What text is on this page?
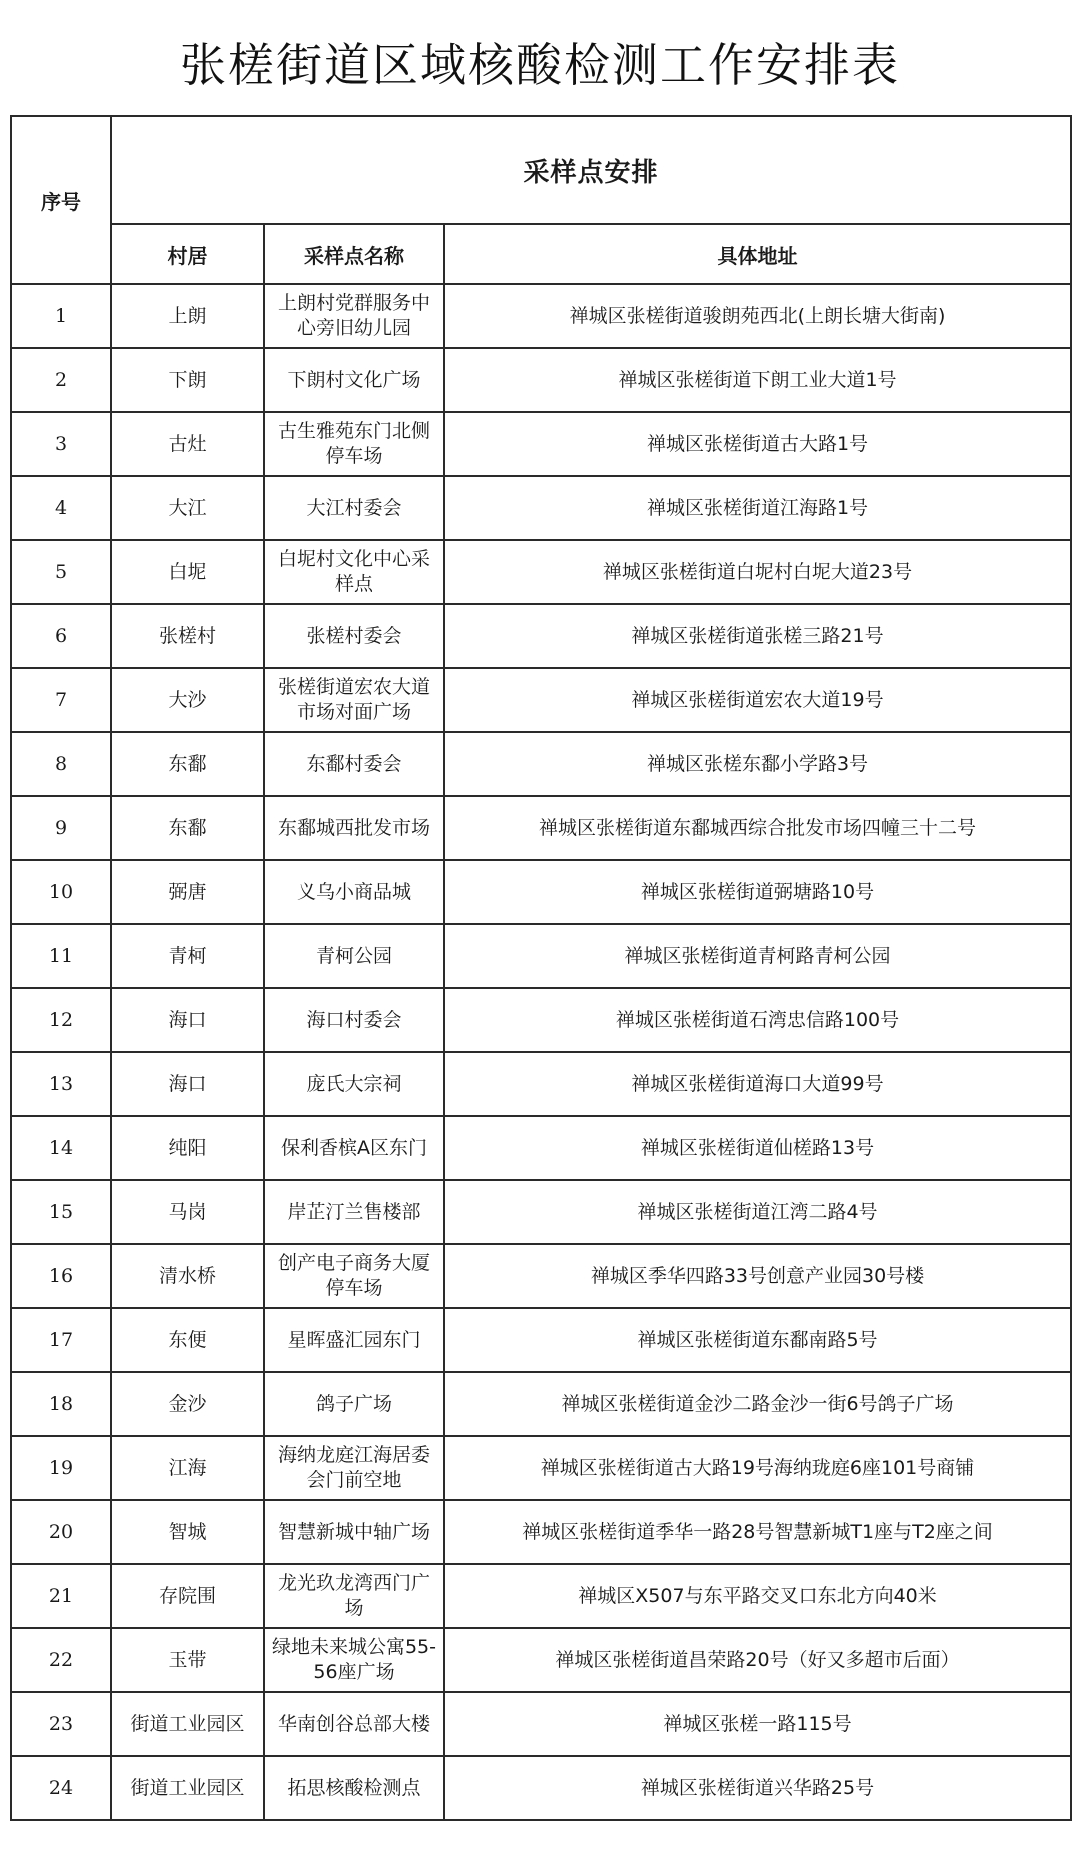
张槎街道区域核酸检测工作安排表
序号	采样点安排		
	村居	采样点名称	具体地址
1	上朗	上朗村党群服务中心旁旧幼儿园	禅城区张槎街道骏朗苑西北(上朗长塘大街南)
2	下朗	下朗村文化广场	禅城区张槎街道下朗工业大道1号
3	古灶	古生雅苑东门北侧停车场	禅城区张槎街道古大路1号
4	大江	大江村委会	禅城区张槎街道江海路1号
5	白坭	白坭村文化中心采样点	禅城区张槎街道白坭村白坭大道23号
6	张槎村	张槎村委会	禅城区张槎街道张槎三路21号
7	大沙	张槎街道宏农大道市场对面广场	禅城区张槎街道宏农大道19号
8	东鄱	东鄱村委会	禅城区张槎东鄱小学路3号
9	东鄱	东鄱城西批发市场	禅城区张槎街道东鄱城西综合批发市场四幢三十二号
10	弼唐	义乌小商品城	禅城区张槎街道弼塘路10号
11	青柯	青柯公园	禅城区张槎街道青柯路青柯公园
12	海口	海口村委会	禅城区张槎街道石湾忠信路100号
13	海口	庞氏大宗祠	禅城区张槎街道海口大道99号
14	纯阳	保利香槟A区东门	禅城区张槎街道仙槎路13号
15	马岗	岸芷汀兰售楼部	禅城区张槎街道江湾二路4号
16	清水桥	创产电子商务大厦停车场	禅城区季华四路33号创意产业园30号楼
17	东便	星晖盛汇园东门	禅城区张槎街道东鄱南路5号
18	金沙	鸽子广场	禅城区张槎街道金沙二路金沙一街6号鸽子广场
19	江海	海纳龙庭江海居委会门前空地	禅城区张槎街道古大路19号海纳珑庭6座101号商铺
20	智城	智慧新城中轴广场	禅城区张槎街道季华一路28号智慧新城T1座与T2座之间
21	存院围	龙光玖龙湾西门广场	禅城区X507与东平路交叉口东北方向40米
22	玉带	绿地未来城公寓55-56座广场	禅城区张槎街道昌荣路20号（好又多超市后面）
23	街道工业园区	华南创谷总部大楼	禅城区张槎一路115号
24	街道工业园区	拓思核酸检测点	禅城区张槎街道兴华路25号
